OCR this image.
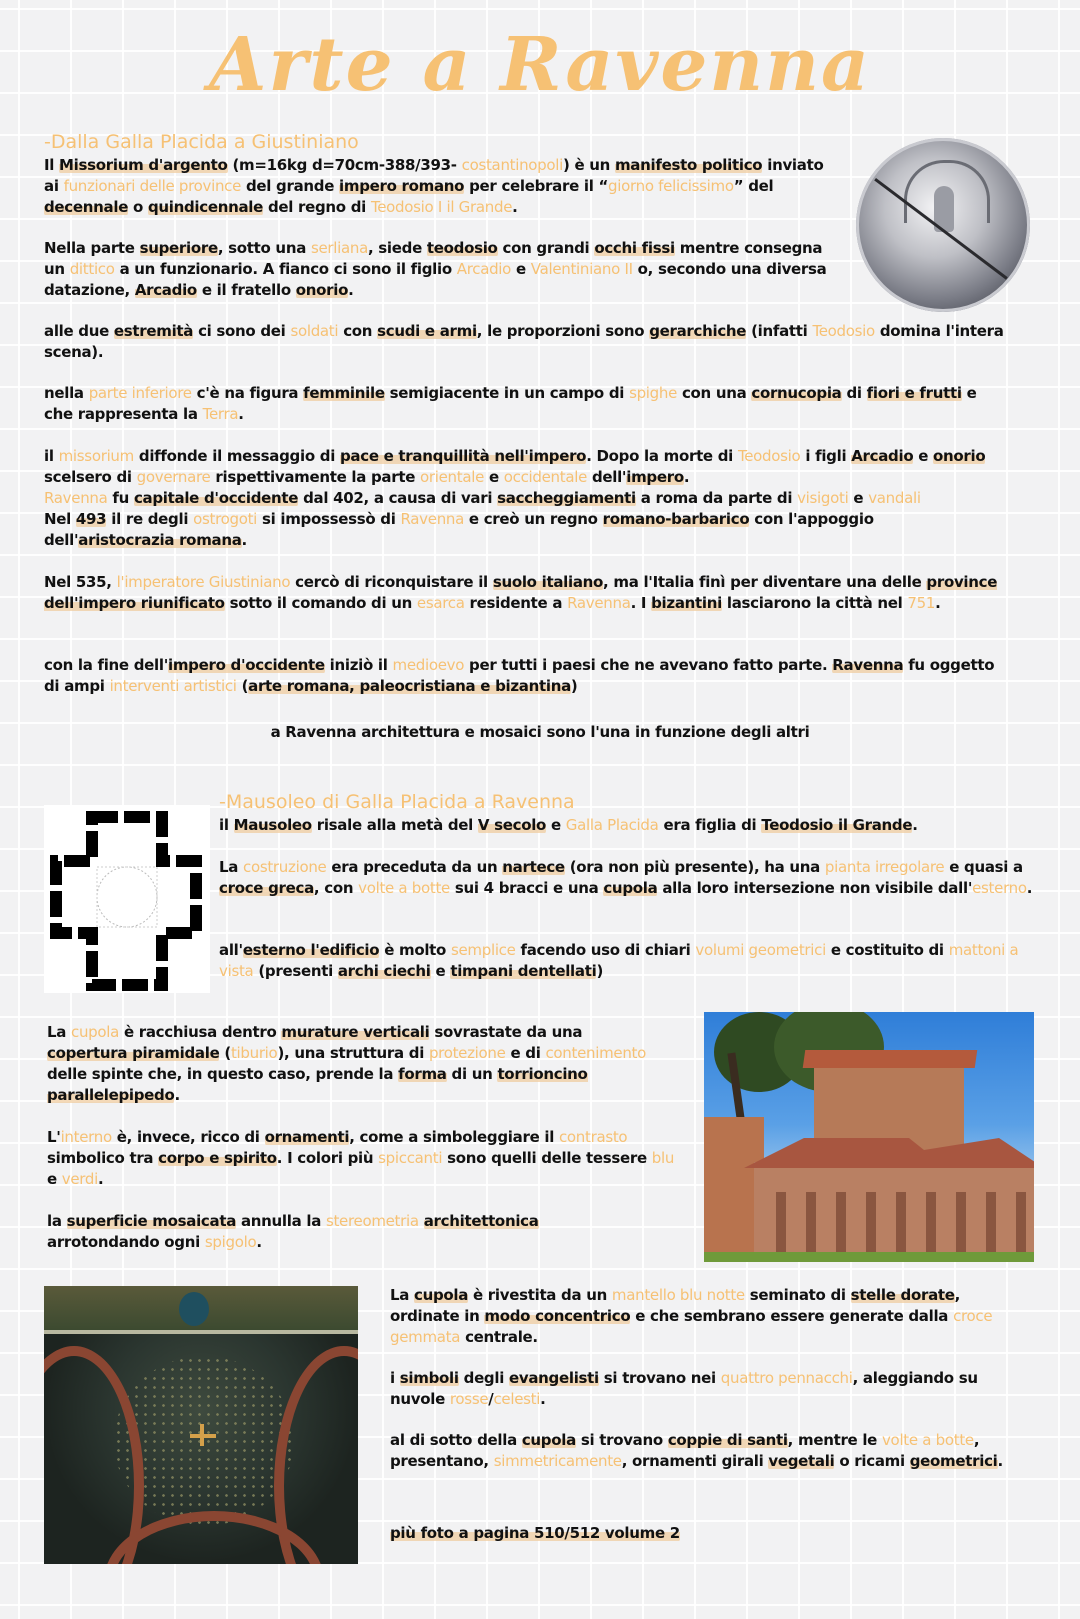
Arte a Ravenna
-Dalla Galla Placida a Giustiniano
Il Missorium d'argento (m=16kg d=70cm-388/393- costantinopoli) è un manifesto politico inviato ai funzionari delle province del grande impero romano per celebrare il “giorno felicissimo” del decennale o quindicennale del regno di Teodosio I il Grande.
Nella parte superiore, sotto una serliana, siede teodosio con grandi occhi fissi mentre consegna un dittico a un funzionario. A fianco ci sono il figlio Arcadio e Valentiniano II o, secondo una diversa datazione, Arcadio e il fratello onorio.
alle due estremità ci sono dei soldati con scudi e armi, le proporzioni sono gerarchiche (infatti Teodosio domina l'intera scena).
nella parte inferiore c'è na figura femminile semigiacente in un campo di spighe con una cornucopia di fiori e frutti e che rappresenta la Terra.
il missorium diffonde il messaggio di pace e tranquillità nell'impero. Dopo la morte di Teodosio i figli Arcadio e onorio scelsero di governare rispettivamente la parte orientale e occidentale dell'impero.
Ravenna fu capitale d'occidente dal 402, a causa di vari saccheggiamenti a roma da parte di visigoti e vandali
Nel 493 il re degli ostrogoti si impossessò di Ravenna e creò un regno romano-barbarico con l'appoggio dell'aristocrazia romana.
Nel 535, l'imperatore Giustiniano cercò di riconquistare il suolo italiano, ma l'Italia finì per diventare una delle province dell'impero riunificato sotto il comando di un esarca residente a Ravenna. I bizantini lasciarono la città nel 751.
con la fine dell'impero d'occidente iniziò il medioevo per tutti i paesi che ne avevano fatto parte. Ravenna fu oggetto di ampi interventi artistici (arte romana, paleocristiana e bizantina)
a Ravenna architettura e mosaici sono l'una in funzione degli altri
-Mausoleo di Galla Placida a Ravenna
il Mausoleo risale alla metà del V secolo e Galla Placida era figlia di Teodosio il Grande.
La costruzione era preceduta da un nartece (ora non più presente), ha una pianta irregolare e quasi a croce greca, con volte a botte sui 4 bracci e una cupola alla loro intersezione non visibile dall'esterno.
all'esterno l'edificio è molto semplice facendo uso di chiari volumi geometrici e costituito di mattoni a vista (presenti archi ciechi e timpani dentellati)
La cupola è racchiusa dentro murature verticali sovrastate da una copertura piramidale (tiburio), una struttura di protezione e di contenimento delle spinte che, in questo caso, prende la forma di un torrioncino parallelepipedo.
L'interno è, invece, ricco di ornamenti, come a simboleggiare il contrasto simbolico tra corpo e spirito. I colori più spiccanti sono quelli delle tessere blu e verdi.
la superficie mosaicata annulla la stereometria architettonica arrotondando ogni spigolo.
La cupola è rivestita da un mantello blu notte seminato di stelle dorate, ordinate in modo concentrico e che sembrano essere generate dalla croce gemmata centrale.
i simboli degli evangelisti si trovano nei quattro pennacchi, aleggiando su nuvole rosse/celesti.
al di sotto della cupola si trovano coppie di santi, mentre le volte a botte, presentano, simmetricamente, ornamenti girali vegetali o ricami geometrici.
più foto a pagina 510/512 volume 2
